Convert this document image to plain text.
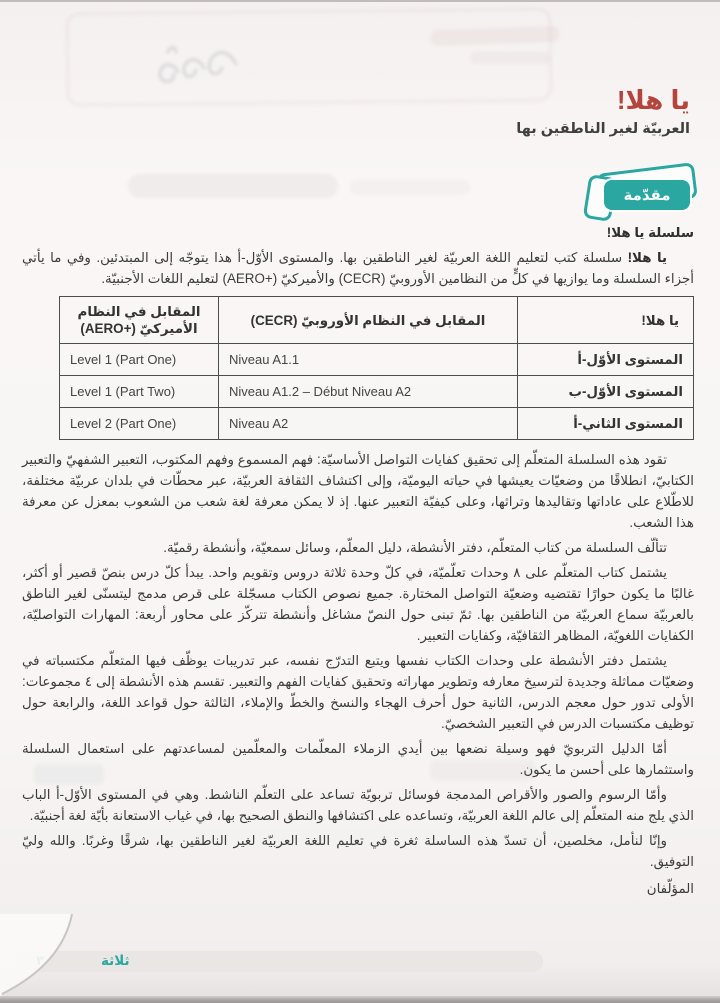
يا هلا!
العربيّة لغير الناطقين بها
مقدّمة

سلسلة يا هلا!

يا هلا! سلسلة كتب لتعليم اللغة العربيّة لغير الناطقين بها. والمستوى الأوّل-أ هذا يتوجّه إلى المبتدئين. وفي ما يأتي أجزاء السلسلة وما يوازيها في كلٍّ من النظامين الأوروبيّ (CECR) والأميركيّ (+AERO) لتعليم اللغات الأجنبيّة.

يا هلا!	المقابل في النظام الأوروبيّ (CECR)	المقابل في النظام الأميركيّ (+AERO)
المستوى الأوّل-أ	Niveau A1.1	Level 1 (Part One)
المستوى الأوّل-ب	Niveau A1.2 – Début Niveau A2	Level 1 (Part Two)
المستوى الثاني-أ	Niveau A2	Level 2 (Part One)

تقود هذه السلسلة المتعلّم إلى تحقيق كفايات التواصل الأساسيّة: فهم المسموع وفهم المكتوب، التعبير الشفهيّ والتعبير الكتابيّ، انطلاقًا من وضعيّات يعيشها في حياته اليوميّة، وإلى اكتشاف الثقافة العربيّة، عبر محطّات في بلدان عربيّة مختلفة، للاطّلاع على عاداتها وتقاليدها وتراثها، وعلى كيفيّة التعبير عنها. إذ لا يمكن معرفة لغة شعب من الشعوب بمعزل عن معرفة هذا الشعب.

تتألّف السلسلة من كتاب المتعلّم، دفتر الأنشطة، دليل المعلّم، وسائل سمعيّة، وأنشطة رقميّة.

يشتمل كتاب المتعلّم على ٨ وحدات تعلّميّة، في كلّ وحدة ثلاثة دروس وتقويم واحد. يبدأ كلّ درس بنصّ قصير أو أكثر، غالبًا ما يكون حوارًا تقتضيه وضعيّة التواصل المختارة. جميع نصوص الكتاب مسجّلة على قرص مدمج ليتسنّى لغير الناطق بالعربيّة سماع العربيّة من الناطقين بها. ثمّ تبنى حول النصّ مشاغل وأنشطة تتركّز على محاور أربعة: المهارات التواصليّة، الكفايات اللغويّة، المظاهر الثقافيّة، وكفايات التعبير.

يشتمل دفتر الأنشطة على وحدات الكتاب نفسها ويتبع التدرّج نفسه، عبر تدريبات يوظّف فيها المتعلّم مكتسباته في وضعيّات مماثلة وجديدة لترسيخ معارفه وتطوير مهاراته وتحقيق كفايات الفهم والتعبير. تقسم هذه الأنشطة إلى ٤ مجموعات: الأولى تدور حول معجم الدرس، الثانية حول أحرف الهجاء والنسخ والخطّ والإملاء، الثالثة حول قواعد اللغة، والرابعة حول توظيف مكتسبات الدرس في التعبير الشخصيّ.

أمّا الدليل التربويّ فهو وسيلة نضعها بين أيدي الزملاء المعلّمات والمعلّمين لمساعدتهم على استعمال السلسلة واستثمارها على أحسن ما يكون.

وأمّا الرسوم والصور والأقراص المدمجة فوسائل تربويّة تساعد على التعلّم الناشط. وهي في المستوى الأوّل-أ الباب الذي يلج منه المتعلّم إلى عالم اللغة العربيّة، وتساعده على اكتشافها والنطق الصحيح بها، في غياب الاستعانة بأيّة لغة أجنبيّة.

وإنّا لنأمل، مخلصين، أن تسدّ هذه الساسلة ثغرة في تعليم اللغة العربيّة لغير الناطقين بها، شرقًا وغربًا. والله وليّ التوفيق.

المؤلّفان

ثلاثة
